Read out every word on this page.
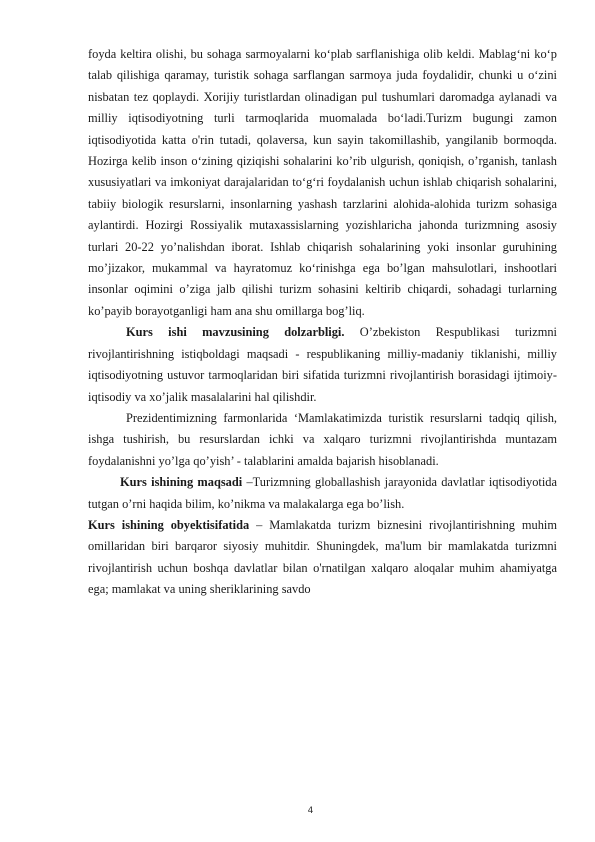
foyda keltira olishi, bu sohaga sarmoyalarni ko‘plab sarflanishiga olib keldi. Mablag‘ni ko‘p talab qilishiga qaramay, turistik sohaga sarflangan sarmoya juda foydalidir, chunki u o‘zini nisbatan tez qoplaydi. Xorijiy turistlardan olinadigan pul tushumlari daromadga aylanadi va milliy iqtisodiyotning turli tarmoqlarida muomalada bo‘ladi.Turizm bugungi zamon iqtisodiyotida katta o'rin tutadi, qolaversa, kun sayin takomillashib, yangilanib bormoqda. Hozirga kelib inson o‘zining qiziqishi sohalarini ko’rib ulgurish, qoniqish, o’rganish, tanlash xususiyatlari va imkoniyat darajalaridan to‘g‘ri foydalanish uchun ishlab chiqarish sohalarini, tabiiy biologik resurslarni, insonlarning yashash tarzlarini alohida-alohida turizm sohasiga aylantirdi. Hozirgi Rossiyalik mutaxassislarning yozishlaricha jahonda turizmning asosiy turlari 20-22 yo’nalishdan iborat. Ishlab chiqarish sohalarining yoki insonlar guruhining mo’jizakor, mukammal va hayratomuz ko‘rinishga ega bo’lgan mahsulotlari, inshootlari insonlar oqimini o’ziga jalb qilishi turizm sohasini keltirib chiqardi, sohadagi turlarning ko’payib borayotganligi ham ana shu omillarga bog’liq.

Kurs ishi mavzusining dolzarbligi. O’zbekiston Respublikasi turizmni rivojlantirishning istiqboldagi maqsadi - respublikaning milliy-madaniy tiklanishi, milliy iqtisodiyotning ustuvor tarmoqlaridan biri sifatida turizmni rivojlantirish borasidagi ijtimoiy-iqtisodiy va xo’jalik masalalarini hal qilishdir.

Prezidentimizning farmonlarida ‘Mamlakatimizda turistik resurslarni tadqiq qilish, ishga tushirish, bu resurslardan ichki va xalqaro turizmni rivojlantirishda muntazam foydalanishni yo’lga qo’yish’ - talablarini amalda bajarish hisoblanadi.

Kurs ishining maqsadi –Turizmning globallashish jarayonida davlatlar iqtisodiyotida tutgan o’rni haqida bilim, ko’nikma va malakalarga ega bo’lish.

Kurs ishining obyektisifatida – Mamlakatda turizm biznesini rivojlantirishning muhim omillaridan biri barqaror siyosiy muhitdir. Shuningdek, ma'lum bir mamlakatda turizmni rivojlantirish uchun boshqa davlatlar bilan o'rnatilgan xalqaro aloqalar muhim ahamiyatga ega; mamlakat va uning sheriklarining savdo

4
